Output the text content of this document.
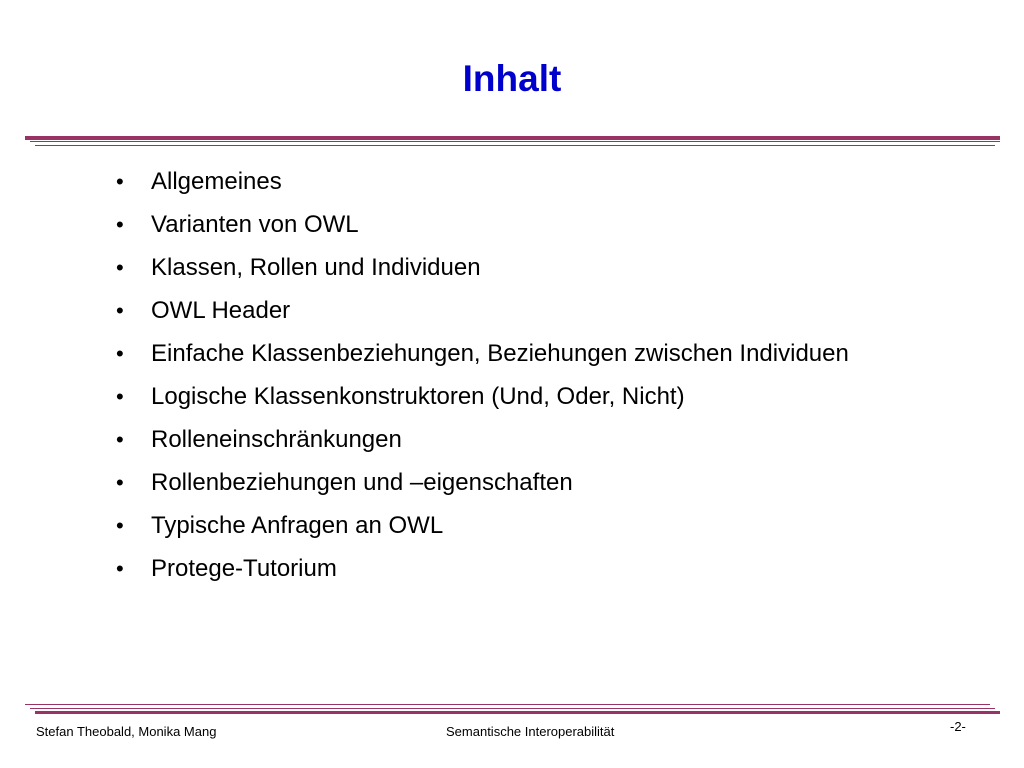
Inhalt
• Allgemeines
• Varianten von OWL
• Klassen, Rollen und Individuen
• OWL Header
• Einfache Klassenbeziehungen, Beziehungen zwischen Individuen
• Logische Klassenkonstruktoren (Und, Oder, Nicht)
• Rolleneinschränkungen
• Rollenbeziehungen und –eigenschaften
• Typische Anfragen an OWL
• Protege-Tutorium
Stefan Theobald, Monika Mang	Semantische Interoperabilität	-2-
